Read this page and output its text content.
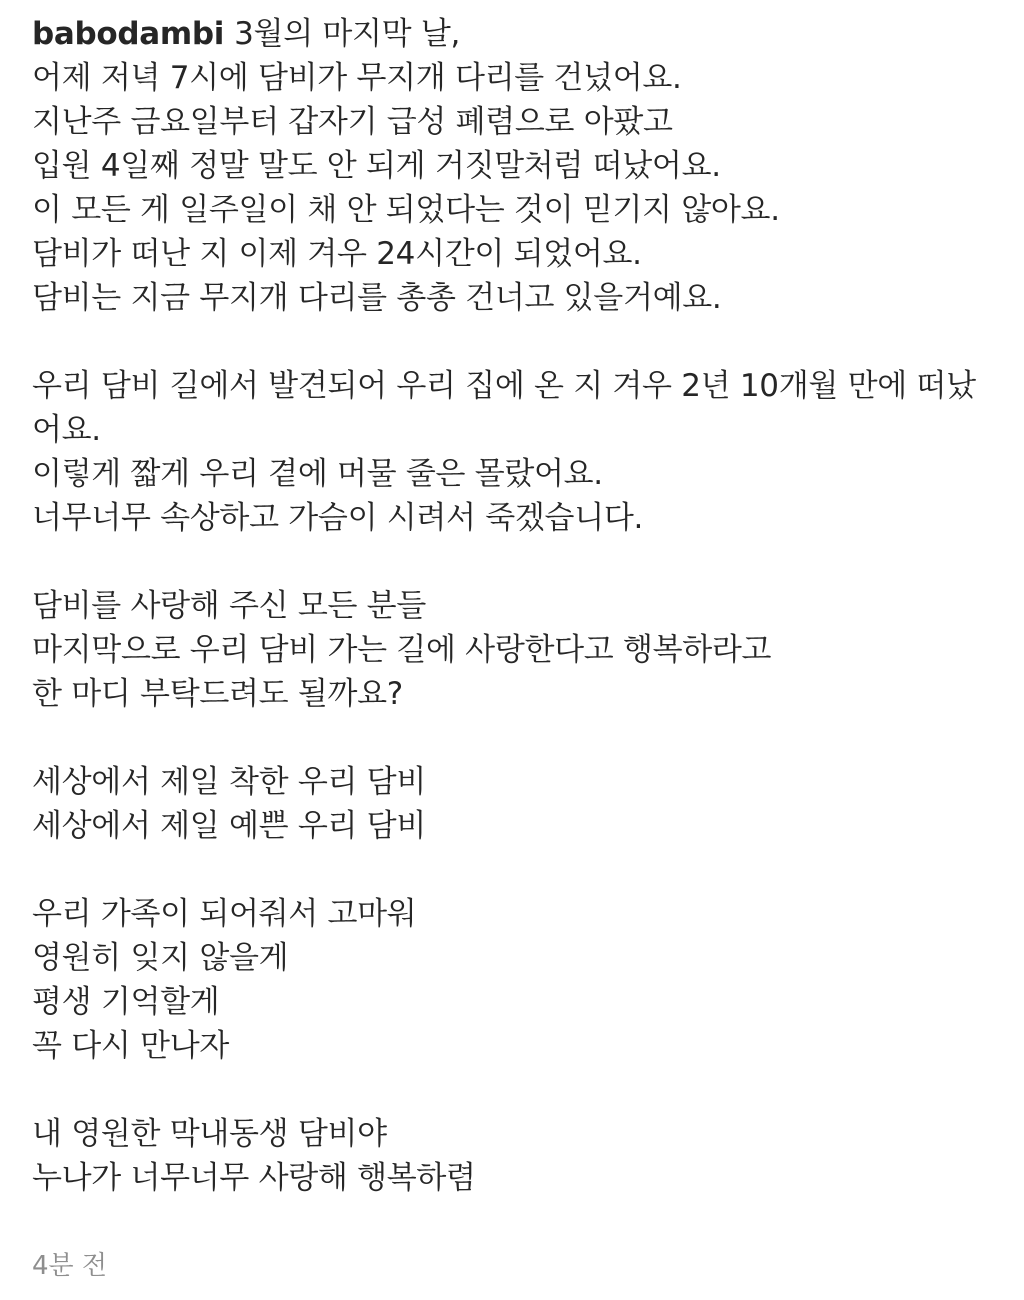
babodambi 3월의 마지막 날,
어제 저녁 7시에 담비가 무지개 다리를 건넜어요.
지난주 금요일부터 갑자기 급성 폐렴으로 아팠고
입원 4일째 정말 말도 안 되게 거짓말처럼 떠났어요.
이 모든 게 일주일이 채 안 되었다는 것이 믿기지 않아요.
담비가 떠난 지 이제 겨우 24시간이 되었어요.
담비는 지금 무지개 다리를 총총 건너고 있을거예요.
우리 담비 길에서 발견되어 우리 집에 온 지 겨우 2년 10개월 만에 떠났어요.
이렇게 짧게 우리 곁에 머물 줄은 몰랐어요.
너무너무 속상하고 가슴이 시려서 죽겠습니다.
담비를 사랑해 주신 모든 분들
마지막으로 우리 담비 가는 길에 사랑한다고 행복하라고
한 마디 부탁드려도 될까요?
세상에서 제일 착한 우리 담비
세상에서 제일 예쁜 우리 담비
우리 가족이 되어줘서 고마워
영원히 잊지 않을게
평생 기억할게
꼭 다시 만나자
내 영원한 막내동생 담비야
누나가 너무너무 사랑해 행복하렴
4분 전
